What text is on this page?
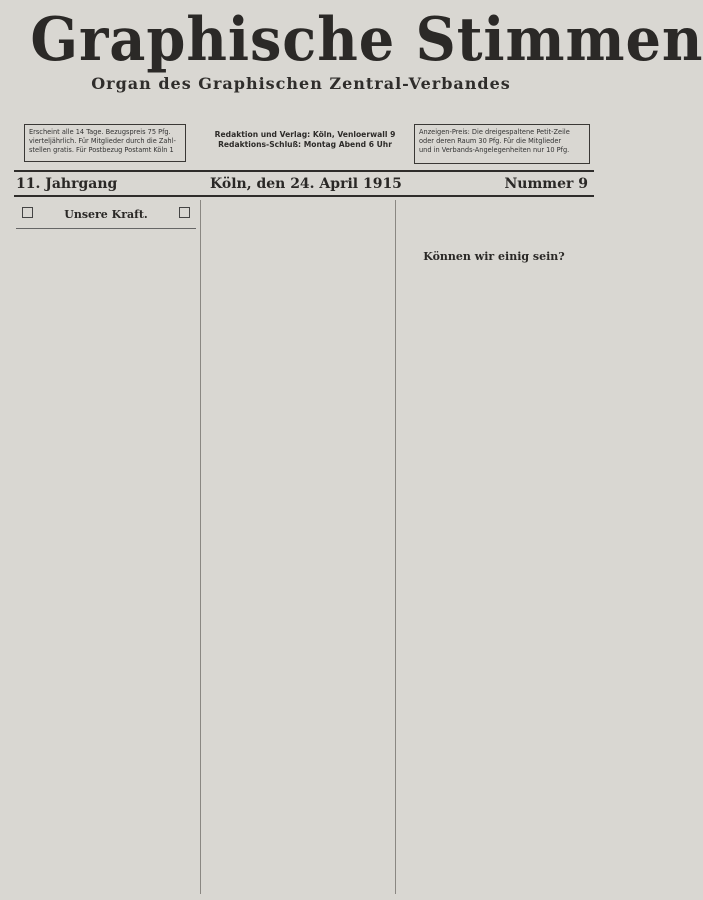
Graphische Stimmen
Organ des Graphischen Zentral-Verbandes
Erscheint alle 14 Tage. Bezugspreis 75 Pfg.
vierteljährlich. Für Mitglieder durch die Zahl-
stellen gratis. Für Postbezug Postamt Köln 1
Redaktion und Verlag: Köln, Venloerwall 9
Redaktions-Schluß: Montag Abend 6 Uhr
Anzeigen-Preis: Die dreigespaltene Petit-Zeile
oder deren Raum 30 Pfg. Für die Mitglieder
und in Verbands-Angelegenheiten nur 10 Pfg.
11. Jahrgang	Köln, den 24. April 1915	Nummer 9
Unsere Kraft.
Können wir einig sein?
